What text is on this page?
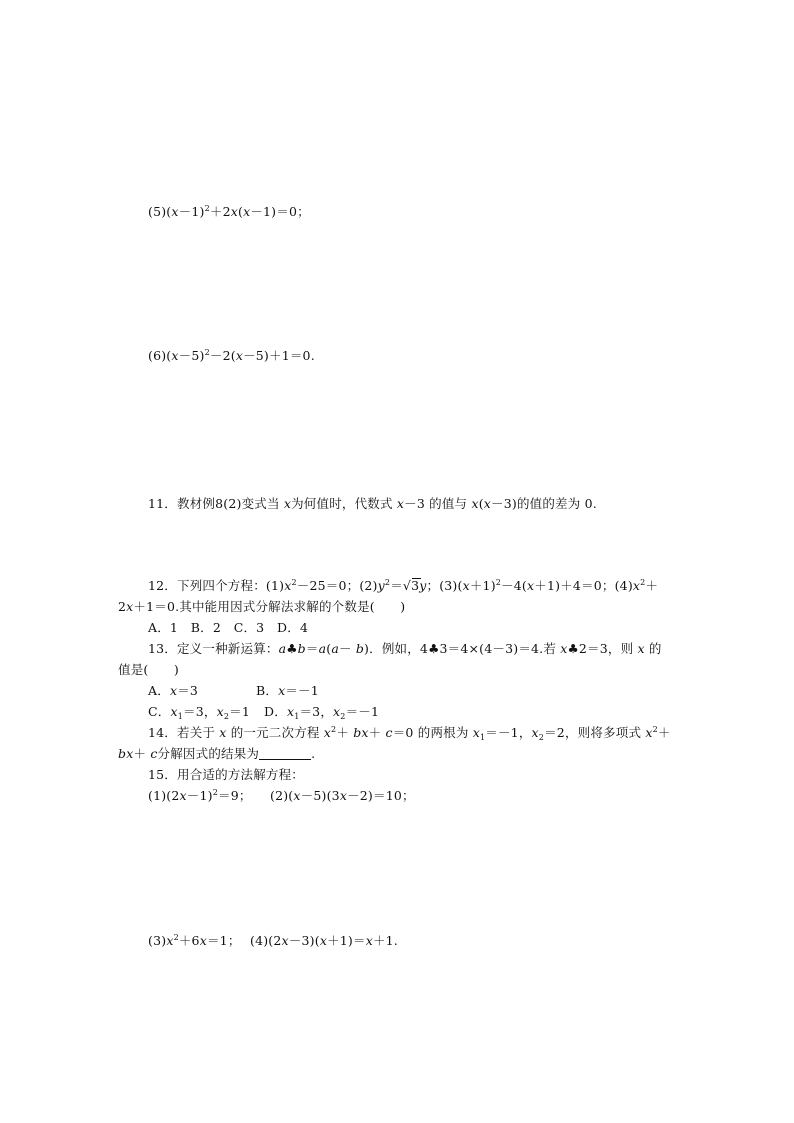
$(5)(x-1)^2+2x(x-1)=0$；
$(6)(x-5)^2-2(x-5)+1=0$.
11．教材例8(2)变式当 x为何值时，代数式 x－3 的值与 x(x－3)的值的差为 0.
12．下列四个方程：$(1)x^2-25=0$；$(2)y^2=$
√3y；$(3)(x+1)^2-4(x+1)+4=0$；$(4)x^2+$
2x＋1＝0.其中能用因式分解法求解的个数是(　　)
A．1　B．2　C．3　D．4
13．定义一种新运算：a♣b＝a(a－ b)．例如，4♣3＝4×(4－3)＝4.若 x♣2＝3，则 x 的
值是(　　)
A．x＝3	B．x＝－1
C．$x_1=3$，$x_2=1$ D．$x_1=3$，$x_2=-1$
14．若关于 x 的一元二次方程 $x^2+ bx+ c=0$ 的两根为 $x_1=-1$，$x_2=2$，则将多项式 $x^2+$
bx＋ c分解因式的结果为	.
15．用合适的方法解方程：
$(1)(2x-1)^2=9$； (2)(x－5)(3x－2)＝10；
$(3)x^2+6x=1$； (4)(2x－3)(x＋1)＝x＋1.
